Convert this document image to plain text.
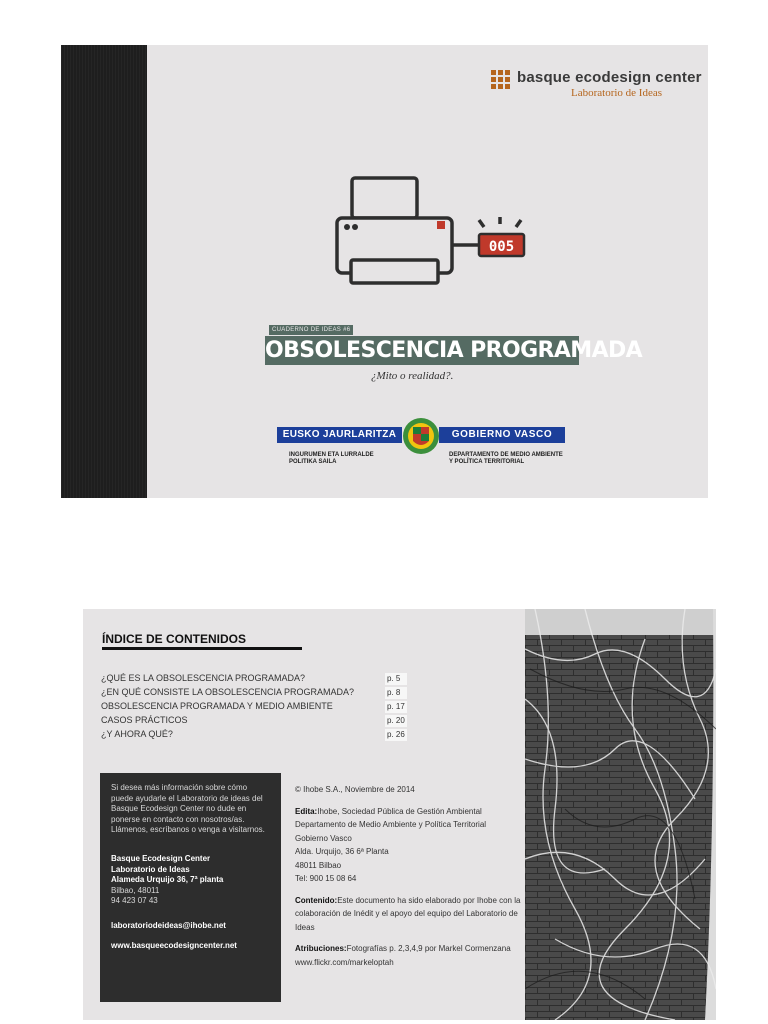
basque ecodesign center
Laboratorio de Ideas
005
CUADERNO DE IDEAS #6
OBSOLESCENCIA PROGRAMADA
¿Mito o realidad?.
EUSKO JAURLARITZA	GOBIERNO VASCO
INGURUMEN ETA LURRALDE
POLITIKA SAILA
DEPARTAMENTO DE MEDIO AMBIENTE
Y POLÍTICA TERRITORIAL
ÍNDICE DE CONTENIDOS
¿QUÉ ES LA OBSOLESCENCIA PROGRAMADA?	p. 5
¿EN QUÉ CONSISTE LA OBSOLESCENCIA PROGRAMADA?	p. 8
OBSOLESCENCIA PROGRAMADA Y MEDIO AMBIENTE	p. 17
CASOS PRÁCTICOS	p. 20
¿Y AHORA QUÉ?	p. 26
Si desea más información sobre cómo puede ayudarle el Laboratorio de ideas del Basque Ecodesign Center no dude en ponerse en contacto con nosotros/as. Llámenos, escríbanos o venga a visitarnos.
Basque Ecodesign Center
Laboratorio de Ideas
Alameda Urquijo 36, 7ª planta
Bilbao, 48011
94 423 07 43
laboratoriodeideas@ihobe.net
www.basqueecodesigncenter.net

© Ihobe S.A., Noviembre de 2014

Edita:Ihobe, Sociedad Pública de Gestión Ambiental
Departamento de Medio Ambiente y Política Territorial
Gobierno Vasco
Alda. Urquijo, 36 6ª Planta
48011 Bilbao
Tel: 900 15 08 64

Contenido:Este documento ha sido elaborado por Ihobe con la colaboración de Inédit y el apoyo del equipo del Laboratorio de Ideas

Atribuciones:Fotografías p. 2,3,4,9 por Markel Cormenzana www.flickr.com/markeloptah
